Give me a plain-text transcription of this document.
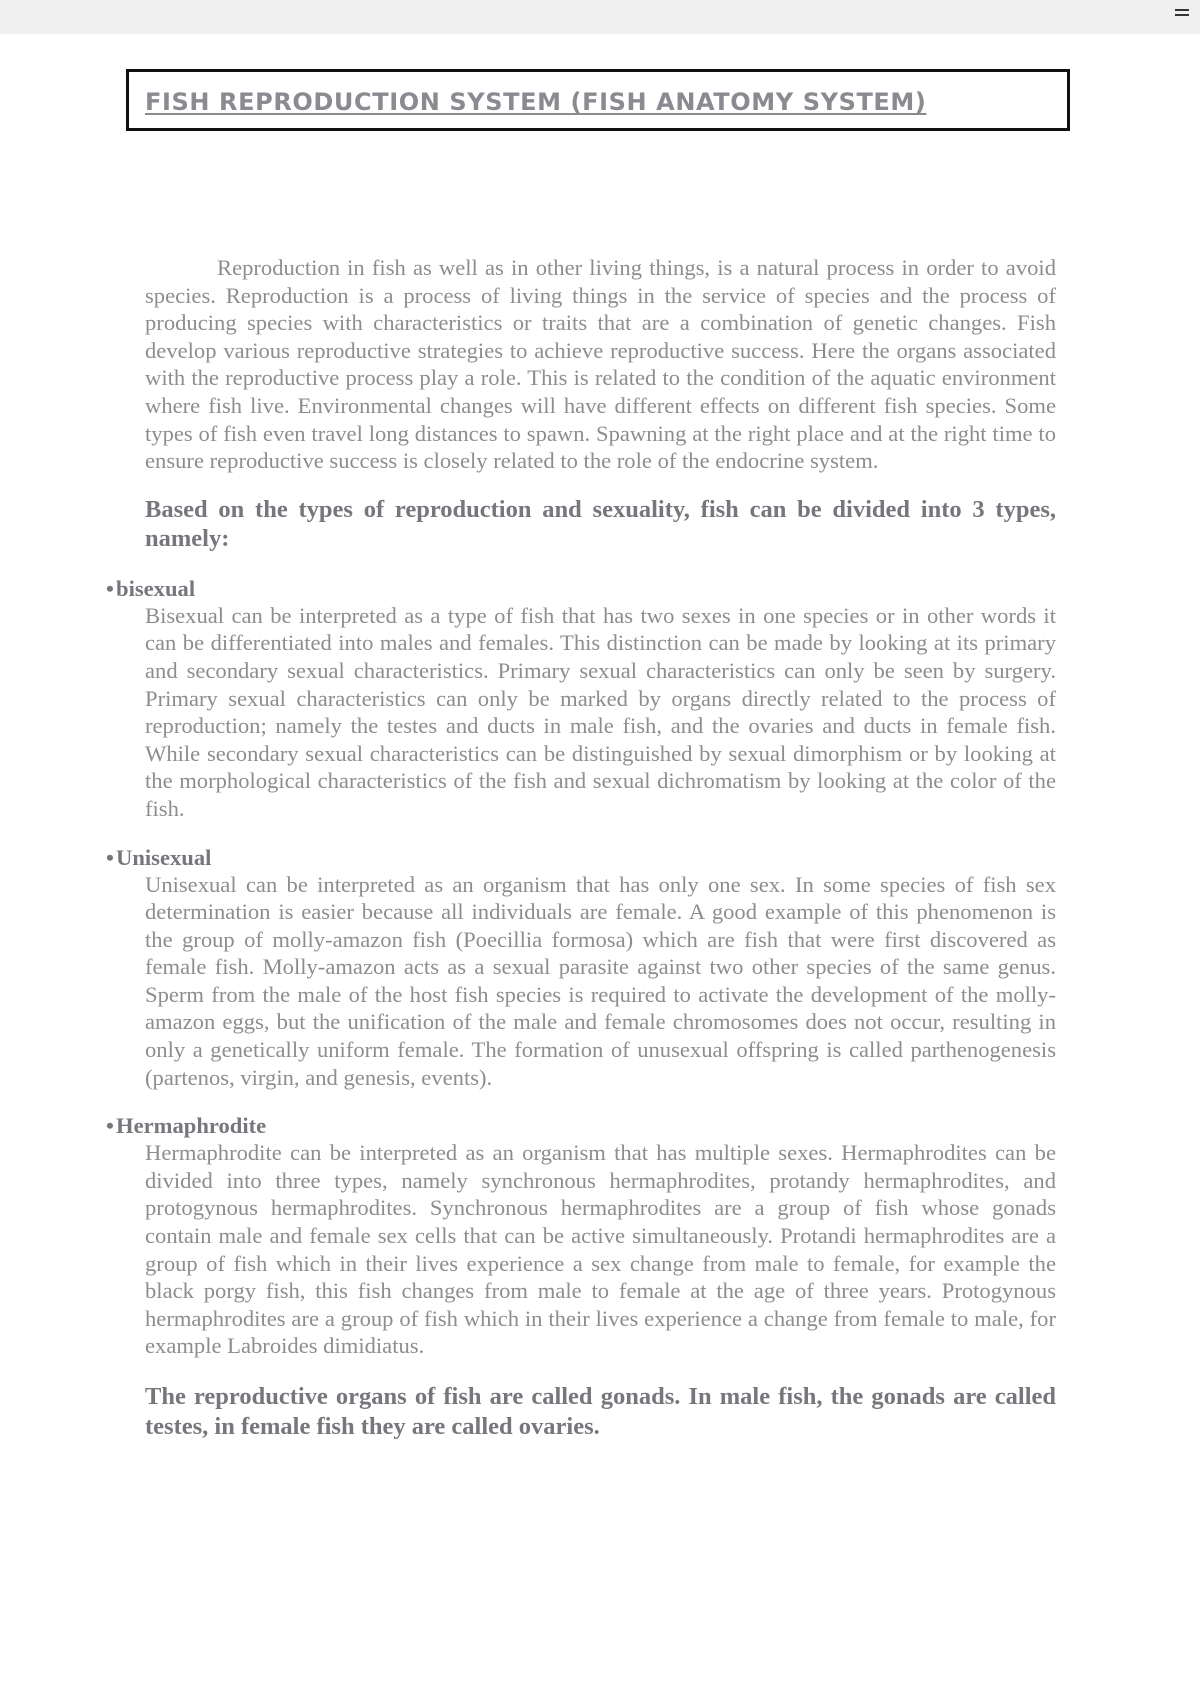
FISH REPRODUCTION SYSTEM (FISH ANATOMY SYSTEM)

Reproduction in fish as well as in other living things, is a natural process in order to avoid species. Reproduction is a process of living things in the service of species and the process of producing species with characteristics or traits that are a combination of genetic changes. Fish develop various reproductive strategies to achieve reproductive success. Here the organs associated with the reproductive process play a role. This is related to the condition of the aquatic environment where fish live. Environmental changes will have different effects on different fish species. Some types of fish even travel long distances to spawn. Spawning at the right place and at the right time to ensure reproductive success is closely related to the role of the endocrine system.

Based on the types of reproduction and sexuality, fish can be divided into 3 types, namely:

•bisexual

Bisexual can be interpreted as a type of fish that has two sexes in one species or in other words it can be differentiated into males and females. This distinction can be made by looking at its primary and secondary sexual characteristics. Primary sexual characteristics can only be seen by surgery. Primary sexual characteristics can only be marked by organs directly related to the process of reproduction; namely the testes and ducts in male fish, and the ovaries and ducts in female fish. While secondary sexual characteristics can be distinguished by sexual dimorphism or by looking at the morphological characteristics of the fish and sexual dichromatism by looking at the color of the fish.

•Unisexual

Unisexual can be interpreted as an organism that has only one sex. In some species of fish sex determination is easier because all individuals are female. A good example of this phenomenon is the group of molly-amazon fish (Poecillia formosa) which are fish that were first discovered as female fish. Molly-amazon acts as a sexual parasite against two other species of the same genus. Sperm from the male of the host fish species is required to activate the development of the molly-amazon eggs, but the unification of the male and female chromosomes does not occur, resulting in only a genetically uniform female. The formation of unusexual offspring is called parthenogenesis (partenos, virgin, and genesis, events).

•Hermaphrodite

Hermaphrodite can be interpreted as an organism that has multiple sexes. Hermaphrodites can be divided into three types, namely synchronous hermaphrodites, protandy hermaphrodites, and protogynous hermaphrodites. Synchronous hermaphrodites are a group of fish whose gonads contain male and female sex cells that can be active simultaneously. Protandi hermaphrodites are a group of fish which in their lives experience a sex change from male to female, for example the black porgy fish, this fish changes from male to female at the age of three years. Protogynous hermaphrodites are a group of fish which in their lives experience a change from female to male, for example Labroides dimidiatus.

The reproductive organs of fish are called gonads. In male fish, the gonads are called testes, in female fish they are called ovaries.
